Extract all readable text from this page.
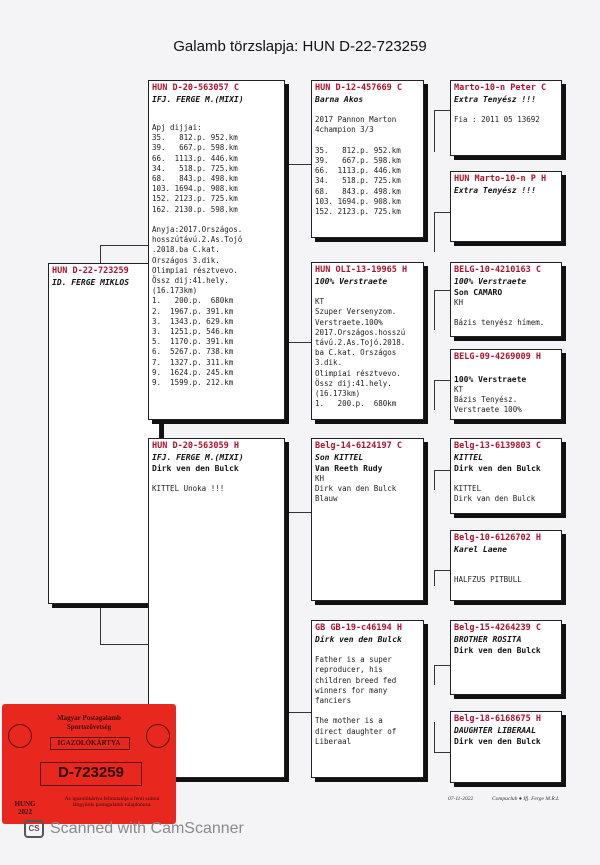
Galamb törzslapja: HUN D-22-723259
HUN D-22-723259
ID. FERGE MIKLOS
HUN D-20-563057 C
IFJ. FERGE M.(MIXI)
Apj dijjai:
35.   812.p. 952.km
39.   667.p. 598.km
66.  1113.p. 446.km
34.   518.p. 725.km
68.   843.p. 498.km
103. 1694.p. 908.km
152. 2123.p. 725.km
162. 2130.p. 598.km

Anyja:2017.Országos.
hosszútávú.2.As.Tojó
.2018.ba C.kat.
Országos 3.dik.
Olimpiai résztvevo.
Össz dij:41.hely.
(16.173km)
1.   200.p.  680km
2.  1967.p. 391.km
3.  1343.p. 629.km
3.  1251.p. 546.km
5.  1170.p. 391.km
6.  5267.p. 738.km
7.  1327.p. 311.km
9.  1624.p. 245.km
9.  1599.p. 212.km
HUN D-20-563059 H
IFJ. FERGE M.(MIXI)
Dirk ven den Bulck

KITTEL Unoka !!!
HUN D-12-457669 C
Barna Akos

2017 Pannon Marton
4champion 3/3

35.   812.p. 952.km
39.   667.p. 598.km
66.  1113.p. 446.km
34.   518.p. 725.km
68.   843.p. 498.km
103. 1694.p. 908.km
152. 2123.p. 725.km
HUN OLI-13-19965 H
100% Verstraete

KT
Szuper Versenyzom.
Verstraete.100%
2017.Országos.hosszú
távú.2.As.Tojó.2018.
ba C.kat. Országos
3.dik.
Olimpiai résztvevo.
Össz dij:41.hely.
(16.173km)
1.   200.p.  680km
Belg-14-6124197 C
Son KITTEL
Van Reeth Rudy
KH
Dirk van den Bulck
Blauw
GB GB-19-c46194 H
Dirk ven den Bulck

Father is a super
reproducer, his
children breed fed
winners for many
fanciers

The mother is a
direct daughter of
Liberaal
Marto-10-n Peter C
Extra Tenyész !!!

Fia : 2011 05 13692
HUN Marto-10-n P H
Extra Tenyész !!!
BELG-10-4210163 C
100% Verstraete
Son CAMARO
KH

Bázis tenyész hímem.
BELG-09-4269009 H
100% Verstraete
KT
Bázis Tenyész.
Verstraete 100%
Belg-13-6139803 C
KITTEL
Dirk ven den Bulck

KITTEL
Dirk van den Bulck
Belg-10-6126702 H
Karel Laene

HALFZUS PITBULL
Belg-15-4264239 C
BROTHER ROSITA
Dirk ven den Bulck
Belg-18-6168675 H
DAUGHTER LIBERAAL
Dirk ven den Bulck
07-11-2022	Compuclub ● Ifj. Ferge M.R.L
Magyar Postagalamb
Sportszövetség
IGAZOLÓKÁRTYA
D-723259
HUNG
2022
Az igazolókártya felmutatója a fenti számú lábgyűrűs postagalamb tulajdonosa.
CS Scanned with CamScanner
